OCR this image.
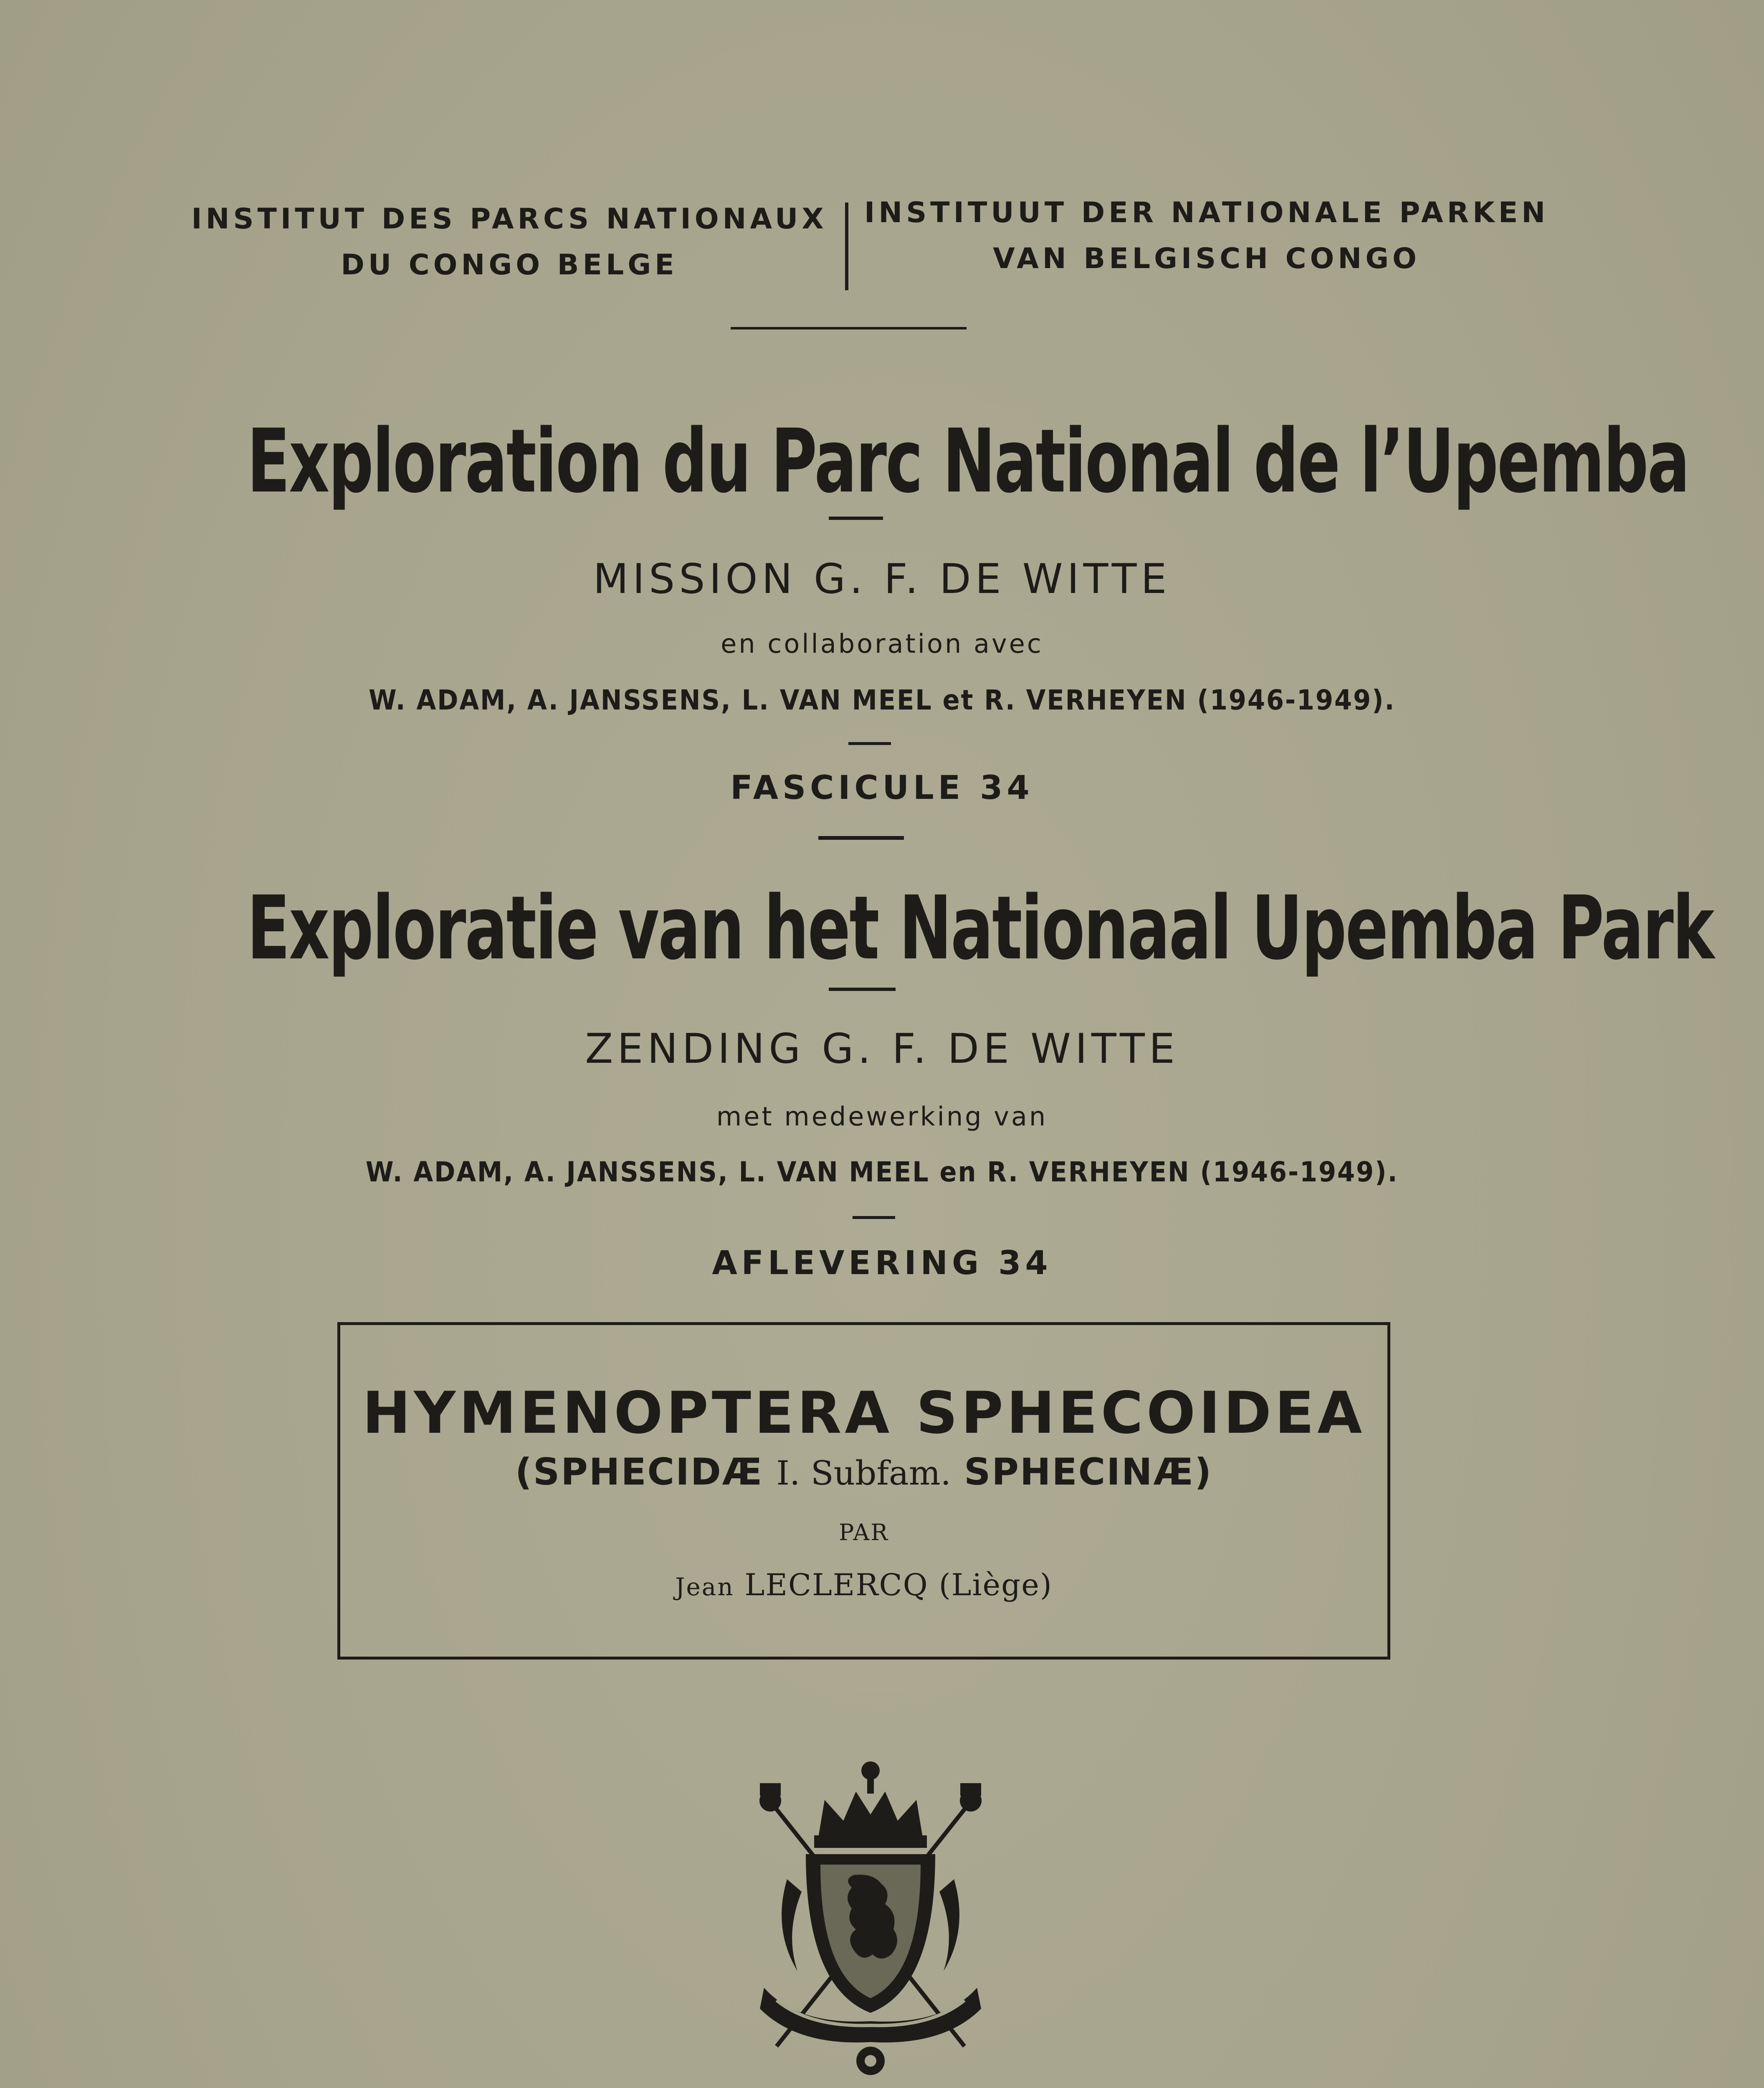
INSTITUT DES PARCS NATIONAUX
DU CONGO BELGE
INSTITUUT DER NATIONALE PARKEN
VAN BELGISCH CONGO
Exploration du Parc National de l’Upemba
MISSION G. F. DE WITTE
en collaboration avec
W. ADAM, A. JANSSENS, L. VAN MEEL et R. VERHEYEN (1946-1949).
FASCICULE 34
Exploratie van het Nationaal Upemba Park
ZENDING G. F. DE WITTE
met medewerking van
W. ADAM, A. JANSSENS, L. VAN MEEL en R. VERHEYEN (1946-1949).
AFLEVERING 34
HYMENOPTERA SPHECOIDEA
(SPHECIDÆ I. Subfam. SPHECINÆ)
PAR
Jean LECLERCQ (Liège)
